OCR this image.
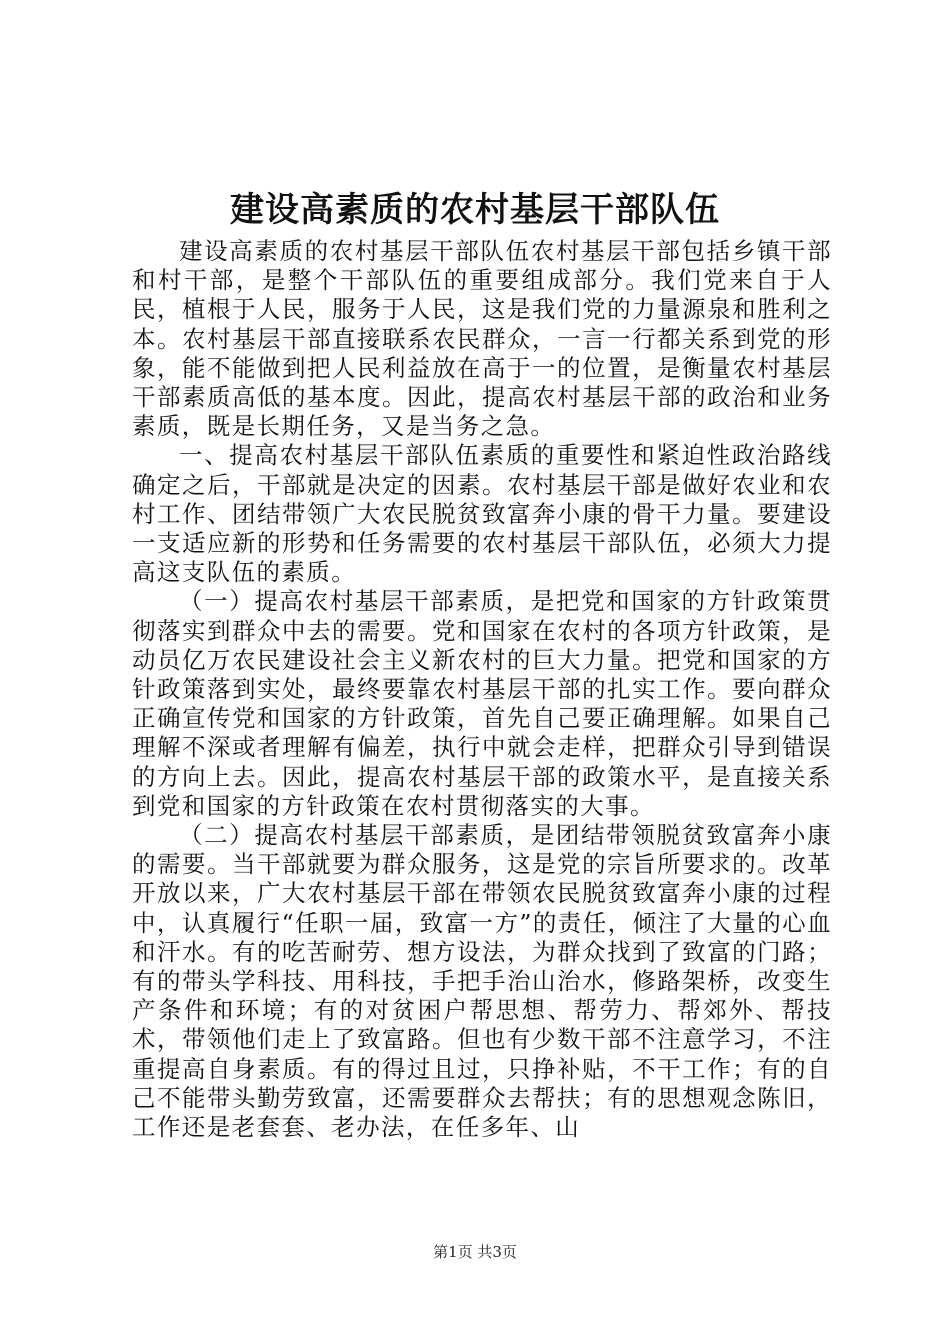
建设高素质的农村基层干部队伍

建设高素质的农村基层干部队伍农村基层干部包括乡镇干部和村干部，是整个干部队伍的重要组成部分。我们党来自于人民，植根于人民，服务于人民，这是我们党的力量源泉和胜利之本。农村基层干部直接联系农民群众，一言一行都关系到党的形象，能不能做到把人民利益放在高于一的位置，是衡量农村基层干部素质高低的基本度。因此，提高农村基层干部的政治和业务素质，既是长期任务，又是当务之急。

一、提高农村基层干部队伍素质的重要性和紧迫性政治路线确定之后，干部就是决定的因素。农村基层干部是做好农业和农村工作、团结带领广大农民脱贫致富奔小康的骨干力量。要建设一支适应新的形势和任务需要的农村基层干部队伍，必须大力提高这支队伍的素质。

（一）提高农村基层干部素质，是把党和国家的方针政策贯彻落实到群众中去的需要。党和国家在农村的各项方针政策，是动员亿万农民建设社会主义新农村的巨大力量。把党和国家的方针政策落到实处，最终要靠农村基层干部的扎实工作。要向群众正确宣传党和国家的方针政策，首先自己要正确理解。如果自己理解不深或者理解有偏差，执行中就会走样，把群众引导到错误的方向上去。因此，提高农村基层干部的政策水平，是直接关系到党和国家的方针政策在农村贯彻落实的大事。

（二）提高农村基层干部素质，是团结带领脱贫致富奔小康的需要。当干部就要为群众服务，这是党的宗旨所要求的。改革开放以来，广大农村基层干部在带领农民脱贫致富奔小康的过程中，认真履行“任职一届，致富一方”的责任，倾注了大量的心血和汗水。有的吃苦耐劳、想方设法，为群众找到了致富的门路；有的带头学科技、用科技，手把手治山治水，修路架桥，改变生产条件和环境；有的对贫困户帮思想、帮劳力、帮郊外、帮技术，带领他们走上了致富路。但也有少数干部不注意学习，不注重提高自身素质。有的得过且过，只挣补贴，不干工作；有的自己不能带头勤劳致富，还需要群众去帮扶；有的思想观念陈旧，工作还是老套套、老办法，在任多年、山

第1页 共3页
